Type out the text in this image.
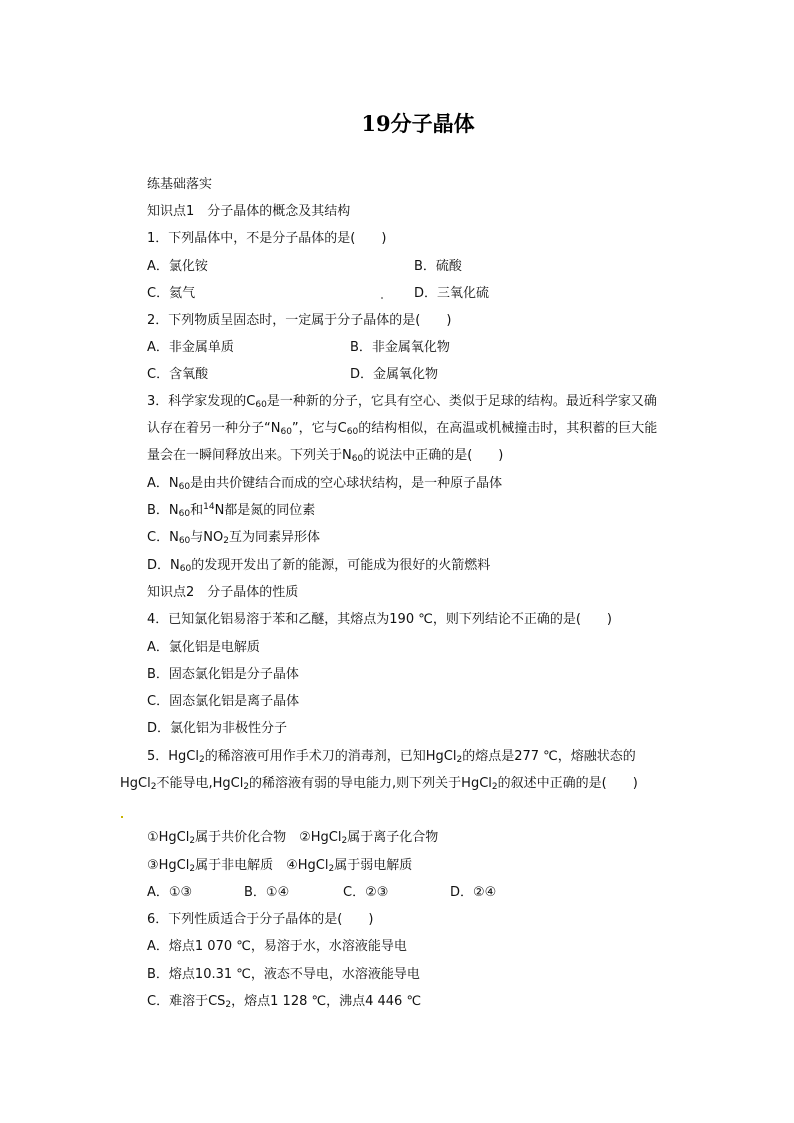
19分子晶体
练基础落实
知识点1　分子晶体的概念及其结构
1．下列晶体中，不是分子晶体的是(　　)
A．氯化铵	B．硫酸
C．氦气	D．三氧化硫
2．下列物质呈固态时，一定属于分子晶体的是(　　)
A．非金属单质	B．非金属氧化物
C．含氧酸	D．金属氧化物
3．科学家发现的$C_{60}$是一种新的分子，它具有空心、类似于足球的结构。最近科学家又确认存在着另一种分子“$N_{60}$”，它与$C_{60}$的结构相似，在高温或机械撞击时，其积蓄的巨大能量会在一瞬间释放出来。下列关于$N_{60}$的说法中正确的是(　　)
A．$N_{60}$是由共价键结合而成的空心球状结构，是一种原子晶体
B．$N_{60}$和$^{14}$N都是氮的同位素
C．$N_{60}$与$NO_2$互为同素异形体
D．$N_{60}$的发现开发出了新的能源，可能成为很好的火箭燃料
知识点2　分子晶体的性质
4．已知氯化铝易溶于苯和乙醚，其熔点为190 ℃，则下列结论不正确的是(　　)
A．氯化铝是电解质
B．固态氯化铝是分子晶体
C．固态氯化铝是离子晶体
D．氯化铝为非极性分子
5．HgCl$_2$的稀溶液可用作手术刀的消毒剂，已知HgCl$_2$的熔点是277 ℃，熔融状态的
HgCl$_2$不能导电,HgCl$_2$的稀溶液有弱的导电能力,则下列关于HgCl$_2$的叙述中正确的是(　　)
①HgCl$_2$属于共价化合物　②HgCl$_2$属于离子化合物
③HgCl$_2$属于非电解质　④HgCl$_2$属于弱电解质
A．①③	B．①④	C．②③	D．②④
6．下列性质适合于分子晶体的是(　　)
A．熔点1 070 ℃，易溶于水，水溶液能导电
B．熔点10.31 ℃，液态不导电，水溶液能导电
C．难溶于$CS_2$，熔点1 128 ℃，沸点4 446 ℃
